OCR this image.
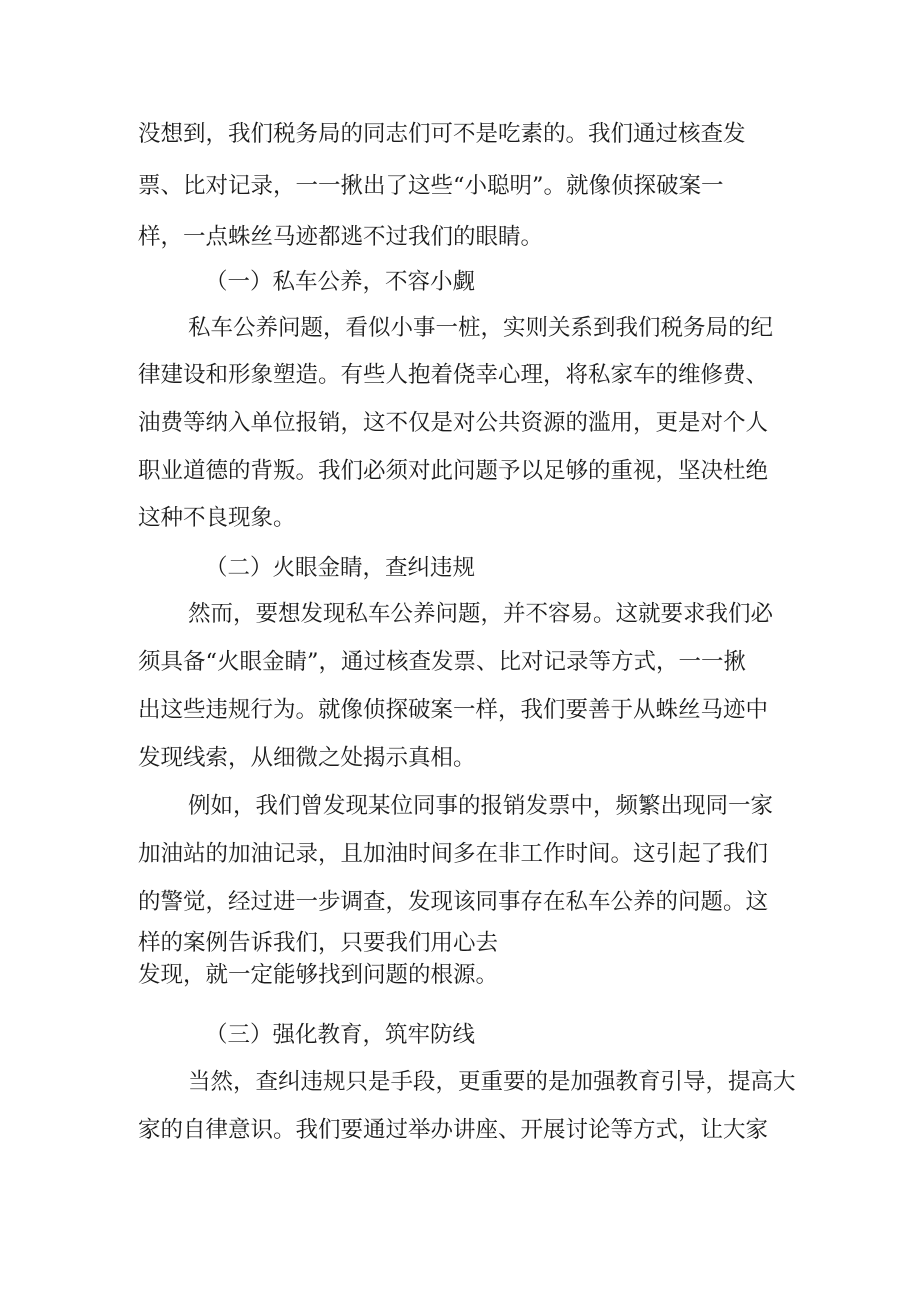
没想到，我们税务局的同志们可不是吃素的。我们通过核查发
票、比对记录，一一揪出了这些“小聪明”。就像侦探破案一
样，一点蛛丝马迹都逃不过我们的眼睛。
（一）私车公养，不容小觑
私车公养问题，看似小事一桩，实则关系到我们税务局的纪
律建设和形象塑造。有些人抱着侥幸心理，将私家车的维修费、
油费等纳入单位报销，这不仅是对公共资源的滥用，更是对个人
职业道德的背叛。我们必须对此问题予以足够的重视，坚决杜绝
这种不良现象。
（二）火眼金睛，查纠违规
然而，要想发现私车公养问题，并不容易。这就要求我们必
须具备“火眼金睛”，通过核查发票、比对记录等方式，一一揪
出这些违规行为。就像侦探破案一样，我们要善于从蛛丝马迹中
发现线索，从细微之处揭示真相。
例如，我们曾发现某位同事的报销发票中，频繁出现同一家
加油站的加油记录，且加油时间多在非工作时间。这引起了我们
的警觉，经过进一步调查，发现该同事存在私车公养的问题。这
样的案例告诉我们，只要我们用心去
发现，就一定能够找到问题的根源。
（三）强化教育，筑牢防线
当然，查纠违规只是手段，更重要的是加强教育引导，提高大
家的自律意识。我们要通过举办讲座、开展讨论等方式，让大家
